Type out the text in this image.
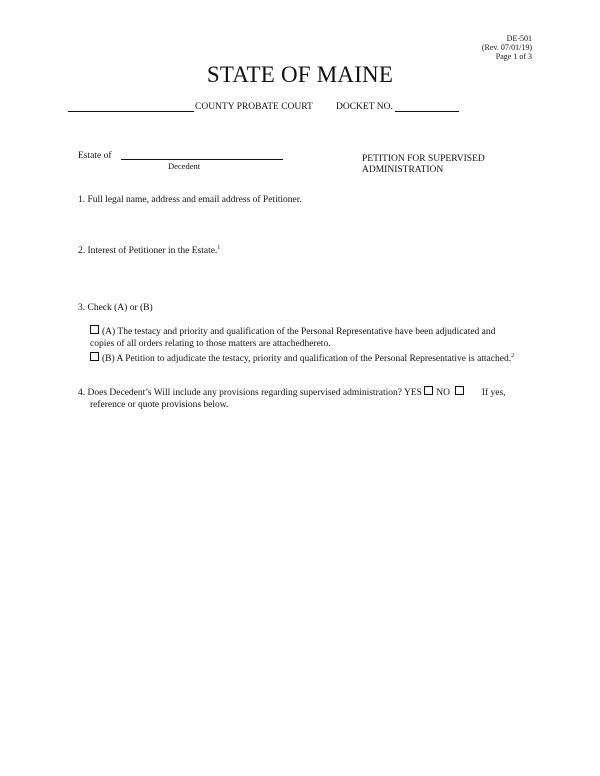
DE-501
(Rev. 07/01/19)
Page 1 of 3
STATE OF MAINE
COUNTY PROBATE COURT DOCKET NO.
Estate of
Decedent
PETITION FOR SUPERVISED
ADMINISTRATION
1. Full legal name, address and email address of Petitioner.
2. Interest of Petitioner in the Estate.$^1$
3. Check (A) or (B)
(A) The testacy and priority and qualification of the Personal Representative have been adjudicated and
copies of all orders relating to those matters are attachedhereto.
(B) A Petition to adjudicate the testacy, priority and qualification of the Personal Representative is attached.$^2$
4. Does Decedent’s Will include any provisions regarding supervised administration? YES NO	If yes,
reference or quote provisions below.
